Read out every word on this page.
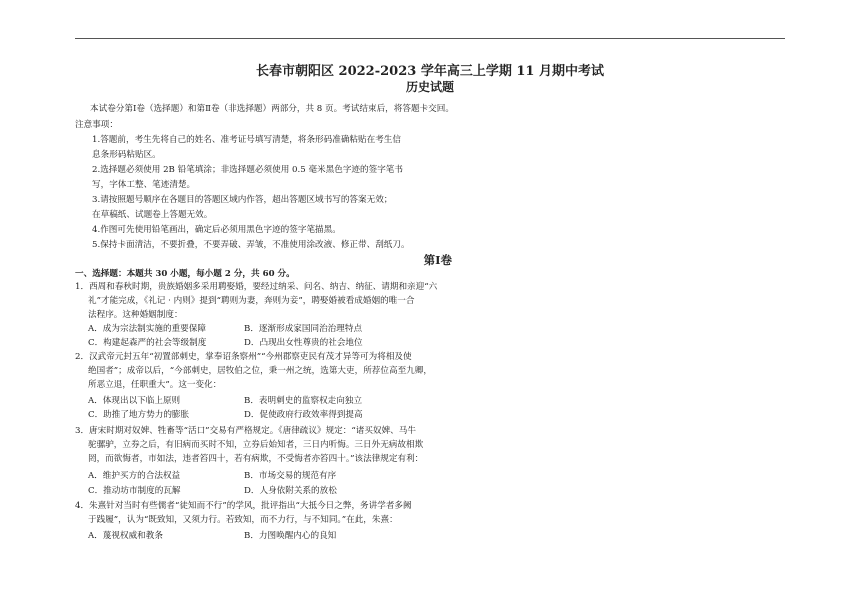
长春市朝阳区 2022-2023 学年高三上学期 11 月期中考试
历史试题
本试卷分第Ⅰ卷（选择题）和第Ⅱ卷（非选择题）两部分，共 8 页。考试结束后，将答题卡交回。
注意事项：
1.答题前，考生先将自己的姓名、准考证号填写清楚，将条形码准确粘贴在考生信
息条形码粘贴区。
2.选择题必须使用 2B 铅笔填涂；非选择题必须使用 0.5 毫米黑色字迹的签字笔书
写，字体工整、笔迹清楚。
3.请按照题号顺序在各题目的答题区域内作答，超出答题区域书写的答案无效；
在草稿纸、试题卷上答题无效。
4.作图可先使用铅笔画出，确定后必须用黑色字迹的签字笔描黑。
5.保持卡面清洁，不要折叠，不要弄破、弄皱，不准使用涂改液、修正带、刮纸刀。
第Ⅰ卷
一、选择题：本题共 30 小题，每小题 2 分，共 60 分。
1．西周和春秋时期，贵族婚姻多采用聘娶婚，要经过纳采、问名、纳吉、纳征、请期和亲迎“六
礼”才能完成，《礼记 · 内则》提到“聘则为妻，奔则为妾”，聘娶婚被看成婚姻的唯一合
法程序。这种婚姻制度：
A．成为宗法制实施的重要保障	B．逐渐形成家国同治治理特点
C．构建起森严的社会等级制度	D．凸现出女性尊贵的社会地位
2．汉武帝元封五年“初置部刺史，掌奉诏条察州”“今州郡察吏民有茂才异等可为将相及使
绝国者”；成帝以后，“今部刺史，居牧伯之位，秉一州之统，选第大吏，所荐位高至九卿，
所恶立退，任职重大”。这一变化：
A．体现出以下临上原则	B．表明刺史的监察权走向独立
C．助推了地方势力的膨胀	D．促使政府行政效率得到提高
3．唐宋时期对奴婢、牲畜等“活口”交易有严格规定。《唐律疏议》规定：“诸买奴婢、马牛
驼骡驴，立券之后，有旧病而买时不知，立券后始知者，三日内听悔。三日外无病故相欺
罔，而欲悔者，市如法，违者笞四十，若有病欺，不受悔者亦笞四十。”该法律规定有利：
A．维护买方的合法权益	B．市场交易的规范有序
C．推动坊市制度的瓦解	D．人身依附关系的放松
4．朱熹针对当时有些儒者“徒知而不行”的学风，批评指出“大抵今日之弊，务讲学者多阙
于践履”，认为“既致知，又须力行。若致知，而不力行，与不知同。”在此，朱熹：
A．蔑视权威和教条	B．力图唤醒内心的良知
